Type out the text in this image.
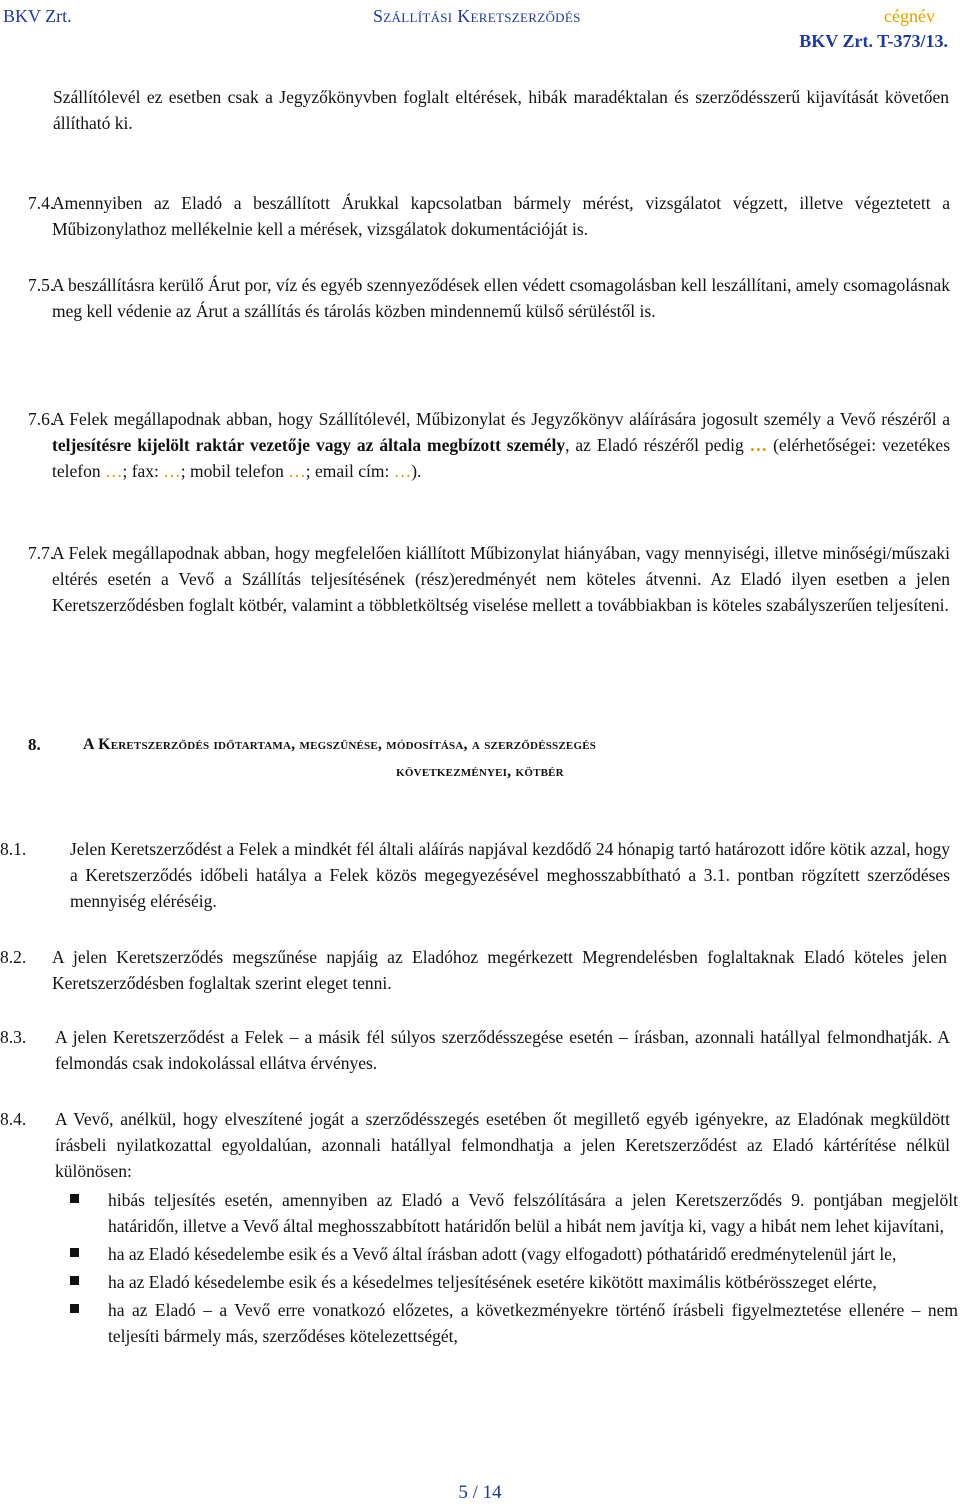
BKV Zrt.	Szállítási Keretszerződés	cégnév
BKV Zrt. T-373/13.
Szállítólevél ez esetben csak a Jegyzőkönyvben foglalt eltérések, hibák maradéktalan és szerződésszerű kijavítását követően állítható ki.
7.4.
Amennyiben az Eladó a beszállított Árukkal kapcsolatban bármely mérést, vizsgálatot végzett, illetve végeztetett a Műbizonylathoz mellékelnie kell a mérések, vizsgálatok dokumentációját is.
7.5.
A beszállításra kerülő Árut por, víz és egyéb szennyeződések ellen védett csomagolásban kell leszállítani, amely csomagolásnak meg kell védenie az Árut a szállítás és tárolás közben mindennemű külső sérüléstől is.
7.6.
A Felek megállapodnak abban, hogy Szállítólevél, Műbizonylat és Jegyzőkönyv aláírására jogosult személy a Vevő részéről a teljesítésre kijelölt raktár vezetője vagy az általa megbízott személy, az Eladó részéről pedig … (elérhetőségei: vezetékes telefon …; fax: …; mobil telefon …; email cím: …).
7.7.
A Felek megállapodnak abban, hogy megfelelően kiállított Műbizonylat hiányában, vagy mennyiségi, illetve minőségi/műszaki eltérés esetén a Vevő a Szállítás teljesítésének (rész)eredményét nem köteles átvenni. Az Eladó ilyen esetben a jelen Keretszerződésben foglalt kötbér, valamint a többletköltség viselése mellett a továbbiakban is köteles szabályszerűen teljesíteni.
8.	A Keretszerződés időtartama, megszűnése, módosítása, a szerződésszegés
következményei, kötbér
8.1.	Jelen Keretszerződést a Felek a mindkét fél általi aláírás napjával kezdődő 24 hónapig tartó határozott időre kötik azzal, hogy a Keretszerződés időbeli hatálya a Felek közös megegyezésével meghosszabbítható a 3.1. pontban rögzített szerződéses mennyiség eléréséig.
8.2. A jelen Keretszerződés megszűnése napjáig az Eladóhoz megérkezett Megrendelésben foglaltaknak Eladó köteles jelen Keretszerződésben foglaltak szerint eleget tenni.
8.3. A jelen Keretszerződést a Felek – a másik fél súlyos szerződésszegése esetén – írásban, azonnali hatállyal felmondhatják. A felmondás csak indokolással ellátva érvényes.
8.4. A Vevő, anélkül, hogy elveszítené jogát a szerződésszegés esetében őt megillető egyéb igényekre, az Eladónak megküldött írásbeli nyilatkozattal egyoldalúan, azonnali hatállyal felmondhatja a jelen Keretszerződést az Eladó kártérítése nélkül különösen:
hibás teljesítés esetén, amennyiben az Eladó a Vevő felszólítására a jelen Keretszerződés 9. pontjában megjelölt határidőn, illetve a Vevő által meghosszabbított határidőn belül a hibát nem javítja ki, vagy a hibát nem lehet kijavítani,
ha az Eladó késedelembe esik és a Vevő által írásban adott (vagy elfogadott) póthatáridő eredménytelenül járt le,
ha az Eladó késedelembe esik és a késedelmes teljesítésének esetére kikötött maximális kötbérösszeget elérte,
ha az Eladó – a Vevő erre vonatkozó előzetes, a következményekre történő írásbeli figyelmeztetése ellenére – nem teljesíti bármely más, szerződéses kötelezettségét,
5 / 14
